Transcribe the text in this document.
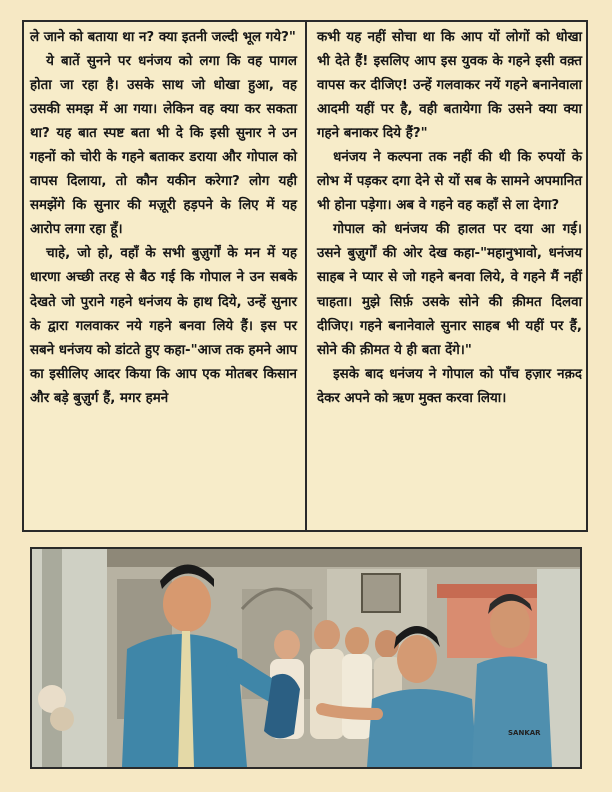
ले जाने को बताया था न? क्या इतनी जल्दी भूल गये?"

ये बातें सुनने पर धनंजय को लगा कि वह पागल होता जा रहा है। उसके साथ जो धोखा हुआ, वह उसकी समझ में आ गया। लेकिन वह क्या कर सकता था? यह बात स्पष्ट बता भी दे कि इसी सुनार ने उन गहनों को चोरी के गहने बताकर डराया और गोपाल को वापस दिलाया, तो कौन यकीन करेगा? लोग यही समझेंगे कि सुनार की मज़ूरी हड़पने के लिए में यह आरोप लगा रहा हूँ।

चाहे, जो हो, वहाँ के सभी बुज़ुर्गों के मन में यह धारणा अच्छी तरह से बैठ गई कि गोपाल ने उन सबके देखते जो पुराने गहने धनंजय के हाथ दिये, उन्हें सुनार के द्वारा गलवाकर नये गहने बनवा लिये हैं। इस पर सबने धनंजय को डांटते हुए कहा-"आज तक हमने आप का इसीलिए आदर किया कि आप एक मोतबर किसान और बड़े बुज़ुर्ग हैं, मगर हमने

कभी यह नहीं सोचा था कि आप यों लोगों को धोखा भी देते हैं! इसलिए आप इस युवक के गहने इसी वक़्त वापस कर दीजिए! उन्हें गलवाकर नयें गहने बनानेवाला आदमी यहीं पर है, वही बतायेगा कि उसने क्या क्या गहने बनाकर दिये हैं?"

धनंजय ने कल्पना तक नहीं की थी कि रुपयों के लोभ में पड़कर दगा देने से यों सब के सामने अपमानित भी होना पड़ेगा। अब वे गहने वह कहाँ से ला देगा?

गोपाल को धनंजय की हालत पर दया आ गई। उसने बुज़ुर्गों की ओर देख कहा-"महानुभावो, धनंजय साहब ने प्यार से जो गहने बनवा लिये, वे गहने मैं नहीं चाहता। मुझे सिर्फ़ उसके सोने की क़ीमत दिलवा दीजिए। गहने बनानेवाले सुनार साहब भी यहीं पर हैं, सोने की क़ीमत ये ही बता देंगे।"

इसके बाद धनंजय ने गोपाल को पाँच हज़ार नक़द देकर अपने को ऋण मुक्त करवा लिया।

SANKAR
